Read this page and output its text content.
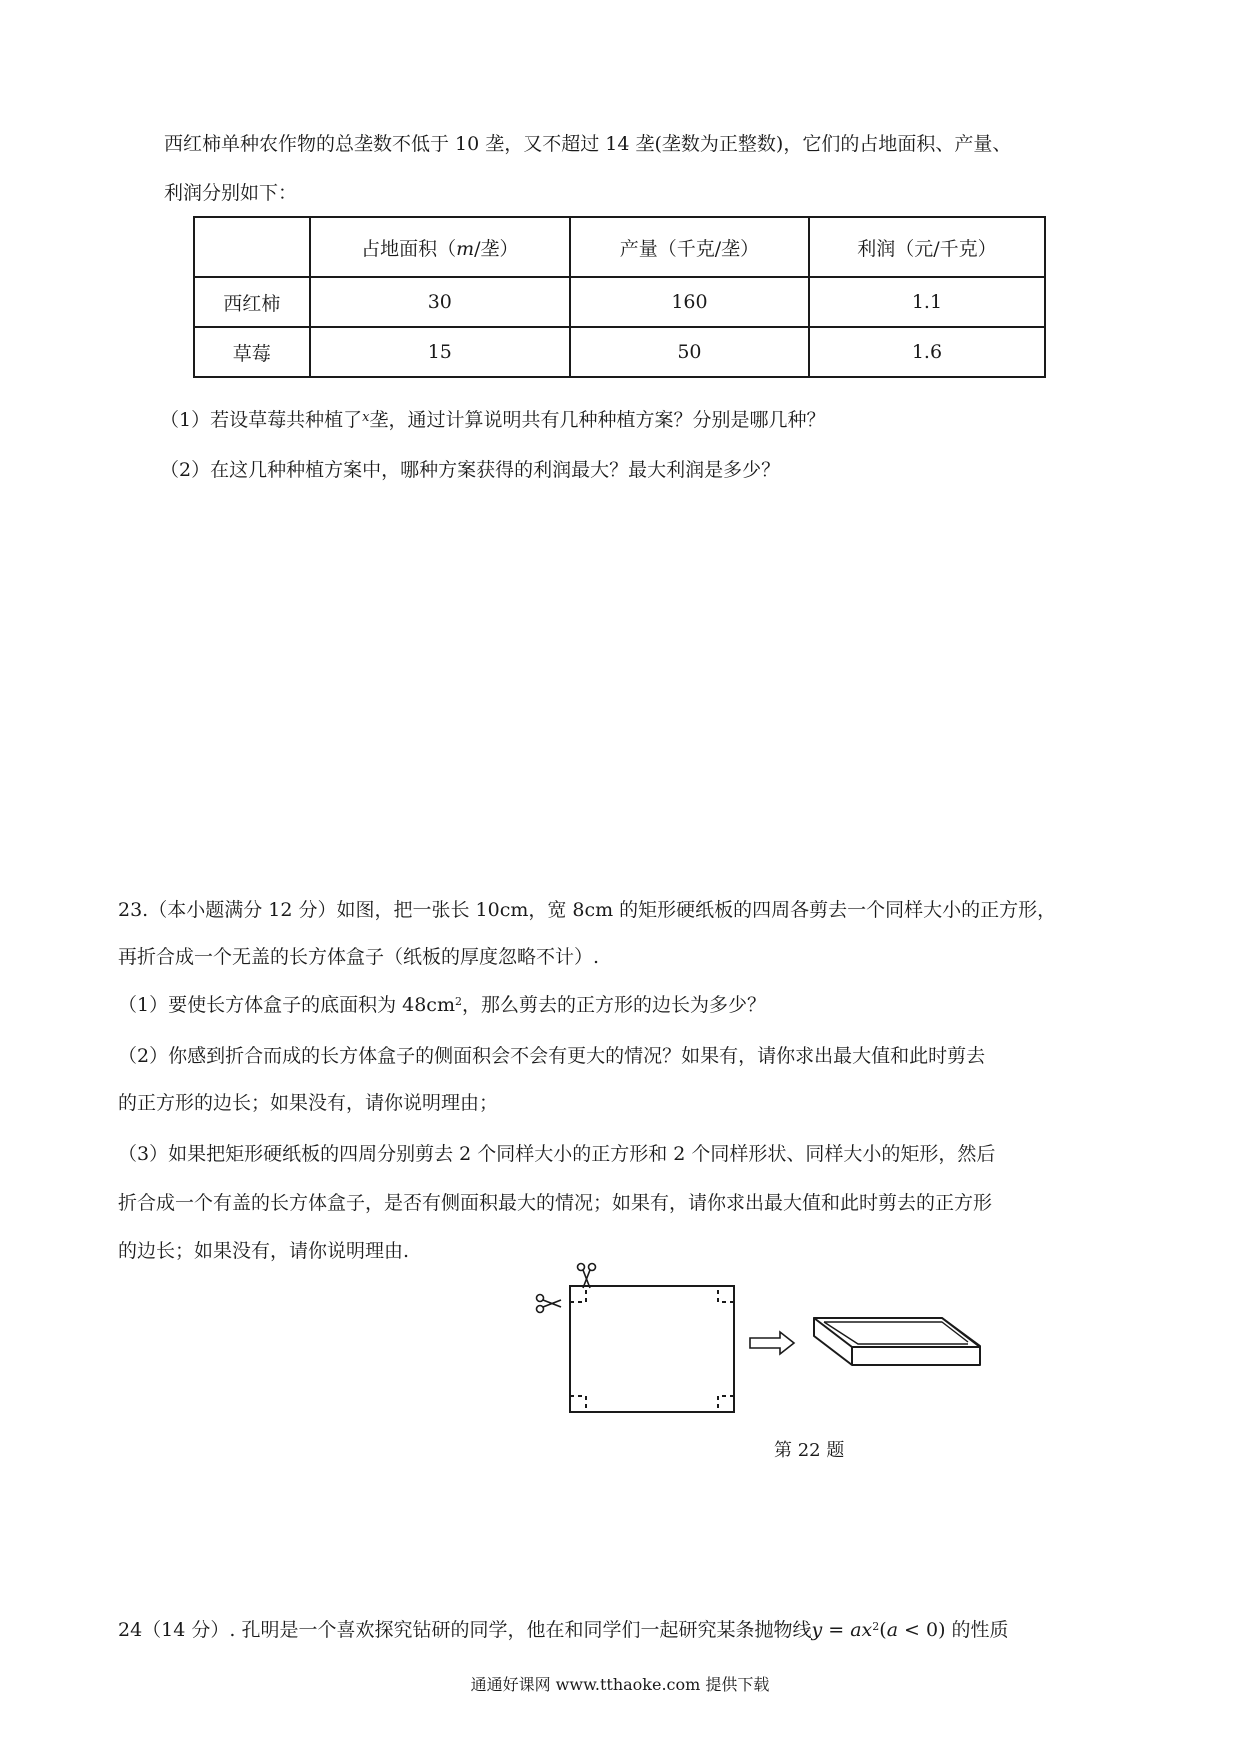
西红柿单种农作物的总垄数不低于 10 垄，又不超过 14 垄(垄数为正整数)，它们的占地面积、产量、
利润分别如下：
	占地面积（m/垄）	产量（千克/垄）	利润（元/千克）
西红柿	30	160	1.1
草莓	15	50	1.6
（1）若设草莓共种植了$^x$垄，通过计算说明共有几种种植方案？分别是哪几种？
（2）在这几种种植方案中，哪种方案获得的利润最大？最大利润是多少？
23.（本小题满分 12 分）如图，把一张长 10cm，宽 8cm 的矩形硬纸板的四周各剪去一个同样大小的正方形，
再折合成一个无盖的长方体盒子（纸板的厚度忽略不计）.
（1）要使长方体盒子的底面积为 $48cm^2$，那么剪去的正方形的边长为多少？
（2）你感到折合而成的长方体盒子的侧面积会不会有更大的情况？如果有，请你求出最大值和此时剪去
的正方形的边长；如果没有，请你说明理由；
（3）如果把矩形硬纸板的四周分别剪去 2 个同样大小的正方形和 2 个同样形状、同样大小的矩形，然后
折合成一个有盖的长方体盒子，是否有侧面积最大的情况；如果有，请你求出最大值和此时剪去的正方形
的边长；如果没有，请你说明理由.
第 22 题
24（14 分）. 孔明是一个喜欢探究钻研的同学，他在和同学们一起研究某条抛物线$y = ax^2(a < 0)$ 的性质
通通好课网 www.tthaoke.com 提供下载
